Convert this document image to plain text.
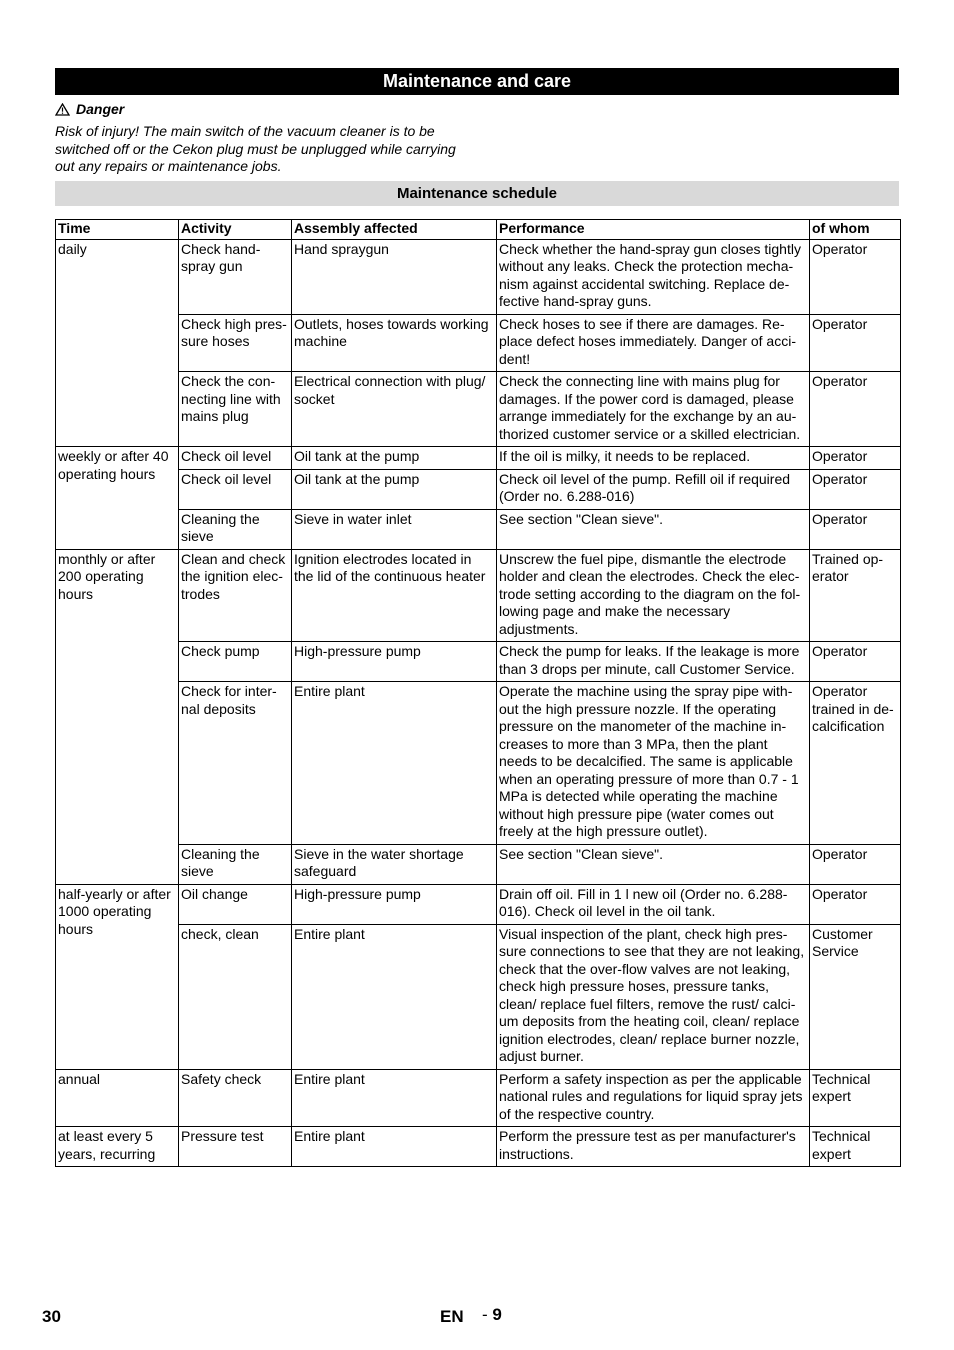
Maintenance and care
Danger
Risk of injury! The main switch of the vacuum cleaner is to be switched off or the Cekon plug must be unplugged while carrying out any repairs or maintenance jobs.
Maintenance schedule
Time	Activity	Assembly affected	Performance	of whom
daily	Check hand-spray gun	Hand spraygun	Check whether the hand-spray gun closes tightly without any leaks. Check the protection mecha-nism against accidental switching. Replace de-fective hand-spray guns.	Operator
	Check high pres-sure hoses	Outlets, hoses towards working machine	Check hoses to see if there are damages. Re-place defect hoses immediately. Danger of acci-dent!	Operator
	Check the con-necting line with mains plug	Electrical connection with plug/ socket	Check the connecting line with mains plug for damages. If the power cord is damaged, please arrange immediately for the exchange by an au-thorized customer service or a skilled electrician.	Operator
weekly or after 40 operating hours	Check oil level	Oil tank at the pump	If the oil is milky, it needs to be replaced.	Operator
	Check oil level	Oil tank at the pump	Check oil level of the pump. Refill oil if required (Order no. 6.288-016)	Operator
	Cleaning the sieve	Sieve in water inlet	See section "Clean sieve".	Operator
monthly or after 200 operating hours	Clean and check the ignition elec-trodes	Ignition electrodes located in the lid of the continuous heater	Unscrew the fuel pipe, dismantle the electrode holder and clean the electrodes. Check the elec-trode setting according to the diagram on the fol-lowing page and make the necessary adjustments.	Trained op-erator
	Check pump	High-pressure pump	Check the pump for leaks. If the leakage is more than 3 drops per minute, call Customer Service.	Operator
	Check for inter-nal deposits	Entire plant	Operate the machine using the spray pipe with-out the high pressure nozzle. If the operating pressure on the manometer of the machine in-creases to more than 3 MPa, then the plant needs to be decalcified. The same is applicable when an operating pressure of more than 0.7 - 1 MPa is detected while operating the machine without high pressure pipe (water comes out freely at the high pressure outlet).	Operator trained in de-calcification
	Cleaning the sieve	Sieve in the water shortage safeguard	See section "Clean sieve".	Operator
half-yearly or after 1000 operating hours	Oil change	High-pressure pump	Drain off oil. Fill in 1 l new oil (Order no. 6.288-016). Check oil level in the oil tank.	Operator
	check, clean	Entire plant	Visual inspection of the plant, check high pres-sure connections to see that they are not leaking, check that the over-flow valves are not leaking, check high pressure hoses, pressure tanks, clean/ replace fuel filters, remove the rust/ calci-um deposits from the heating coil, clean/ replace ignition electrodes, clean/ replace burner nozzle, adjust burner.	Customer Service
annual	Safety check	Entire plant	Perform a safety inspection as per the applicable national rules and regulations for liquid spray jets of the respective country.	Technical expert
at least every 5 years, recurring	Pressure test	Entire plant	Perform the pressure test as per manufacturer's instructions.	Technical expert
30	EN - 9
